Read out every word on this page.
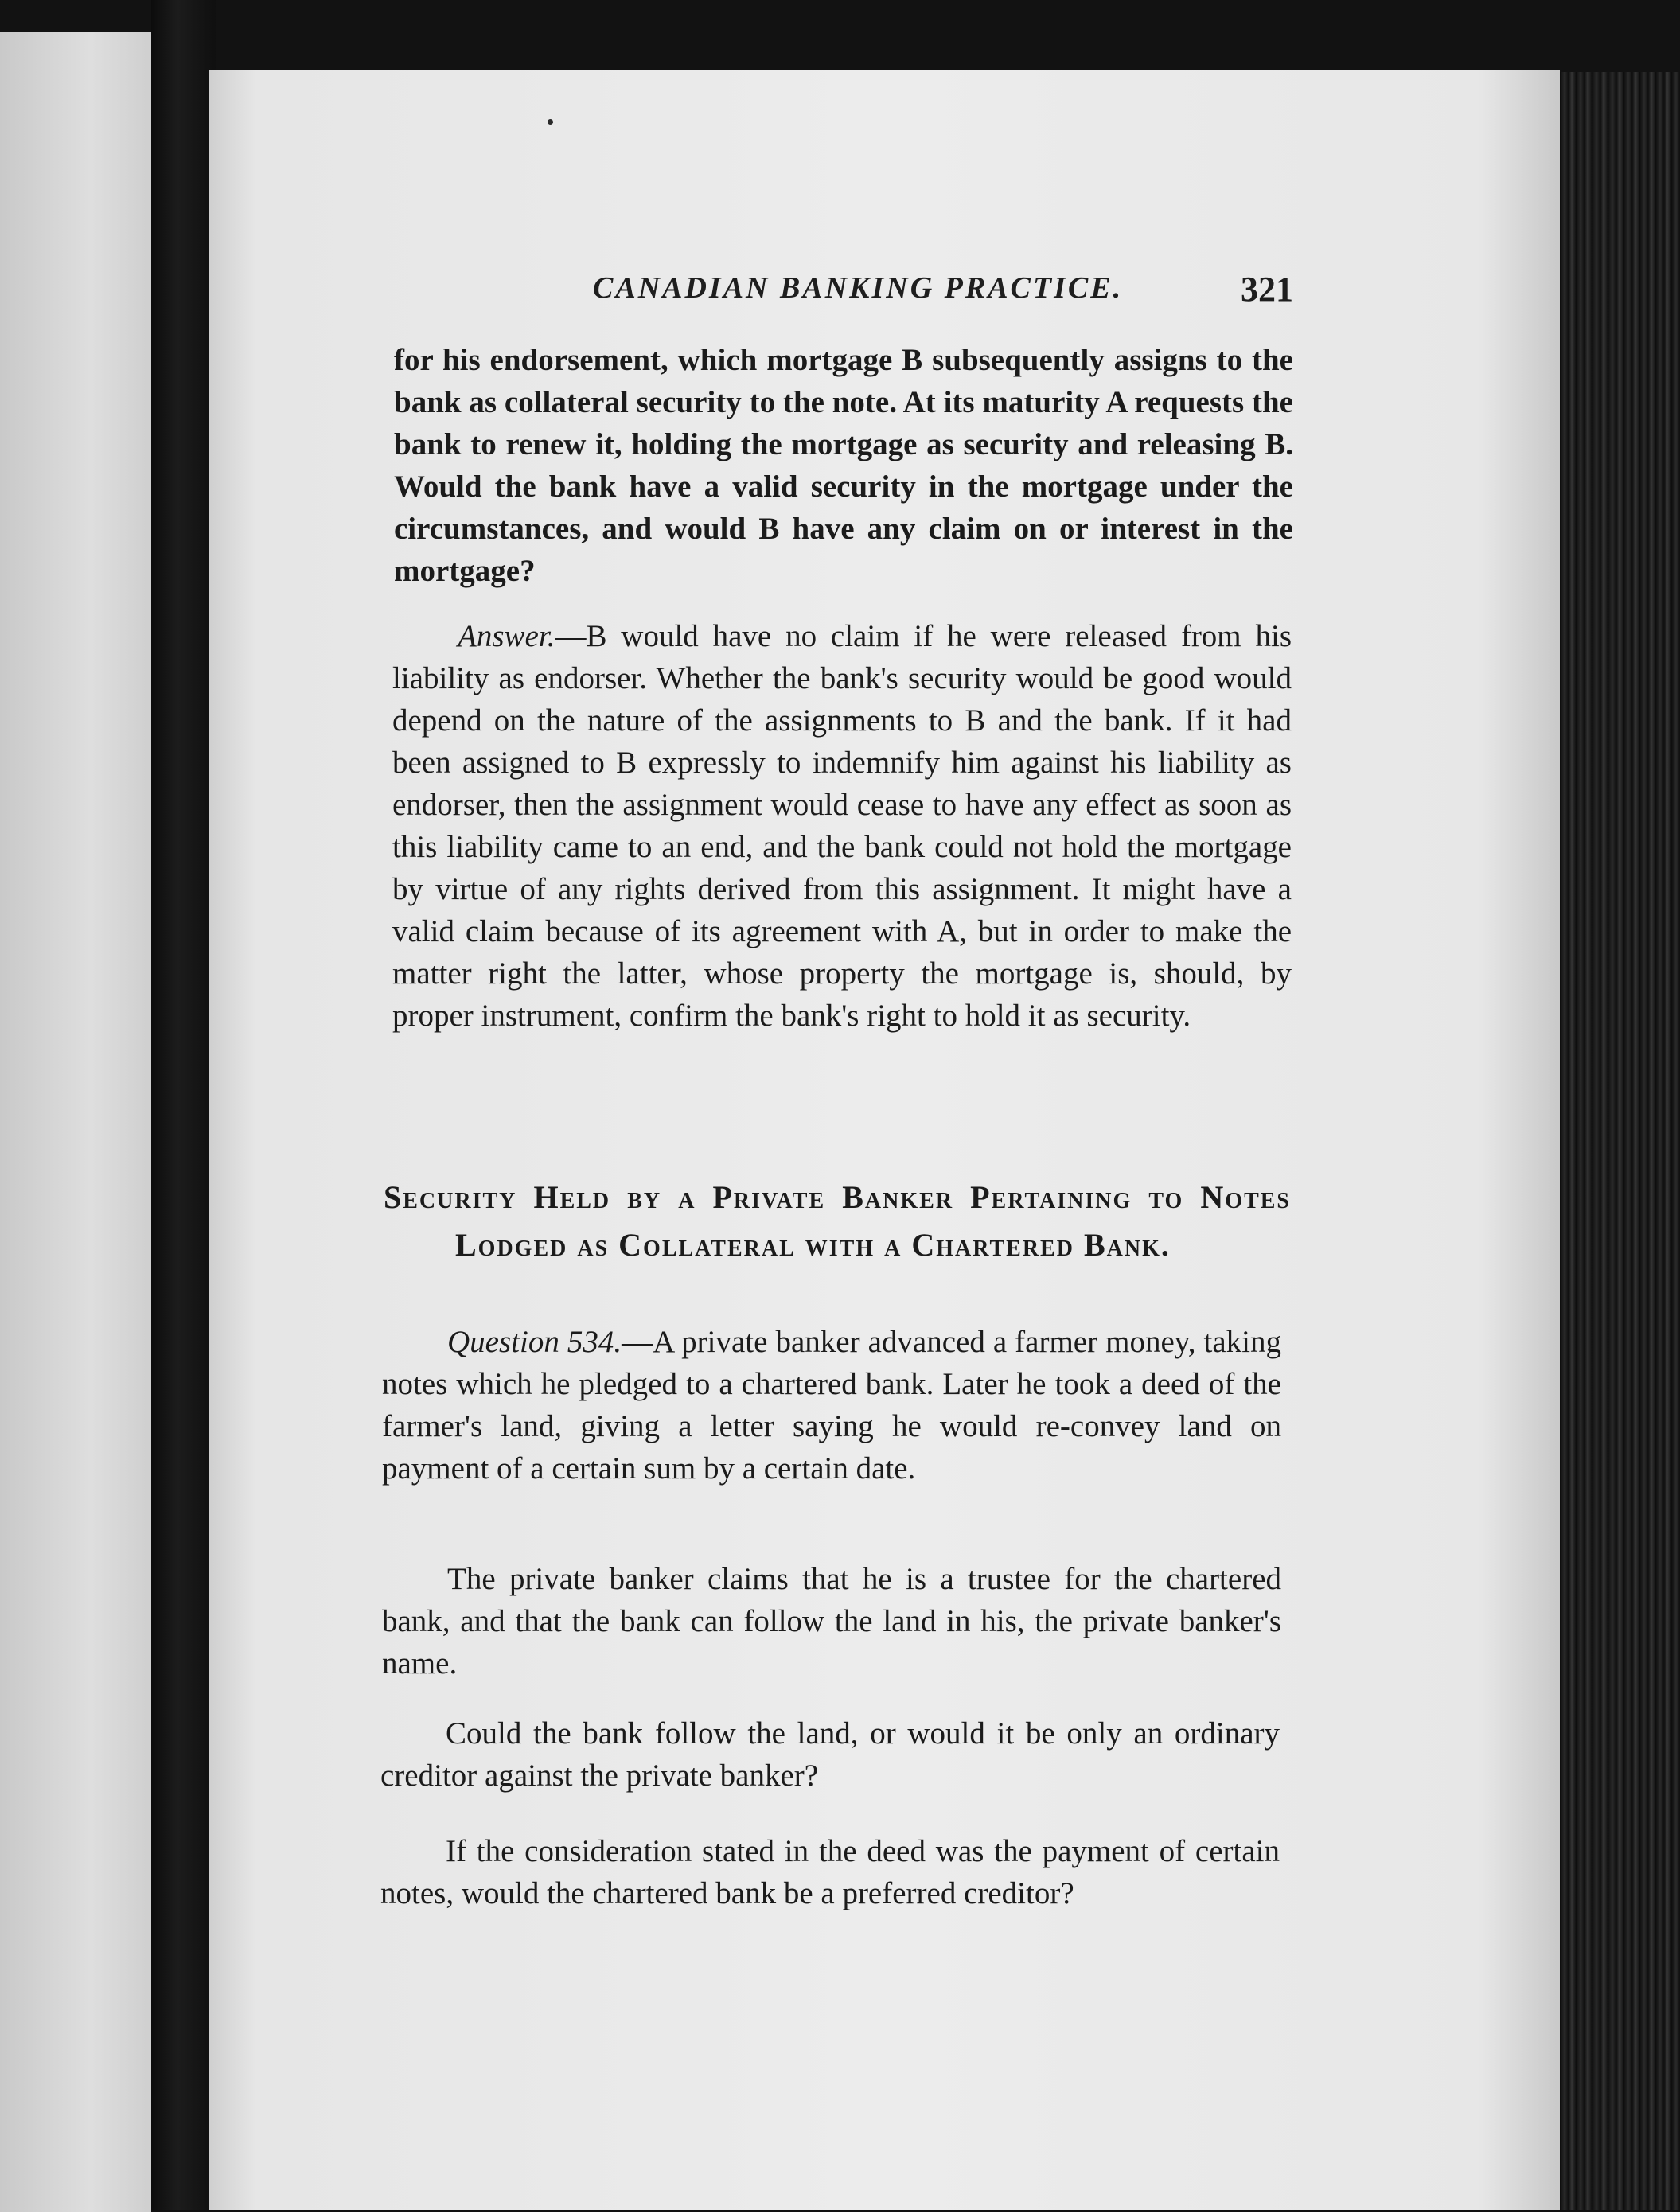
CANADIAN BANKING PRACTICE.	321
for his endorsement, which mortgage B subsequently assigns to the bank as collateral security to the note. At its maturity A requests the bank to renew it, holding the mortgage as security and releasing B. Would the bank have a valid security in the mortgage under the circumstances, and would B have any claim on or interest in the mortgage?
Answer.—B would have no claim if he were released from his liability as endorser. Whether the bank's security would be good would depend on the nature of the assignments to B and the bank. If it had been assigned to B expressly to indemnify him against his liability as endorser, then the assignment would cease to have any effect as soon as this liability came to an end, and the bank could not hold the mortgage by virtue of any rights derived from this assignment. It might have a valid claim because of its agreement with A, but in order to make the matter right the latter, whose property the mortgage is, should, by proper instrument, confirm the bank's right to hold it as security.
Security Held by a Private Banker Pertaining to Notes Lodged as Collateral with a Chartered Bank.
Question 534.—A private banker advanced a farmer money, taking notes which he pledged to a chartered bank. Later he took a deed of the farmer's land, giving a letter saying he would re-convey land on payment of a certain sum by a certain date.
The private banker claims that he is a trustee for the chartered bank, and that the bank can follow the land in his, the private banker's name.
Could the bank follow the land, or would it be only an ordinary creditor against the private banker?
If the consideration stated in the deed was the payment of certain notes, would the chartered bank be a preferred creditor?
